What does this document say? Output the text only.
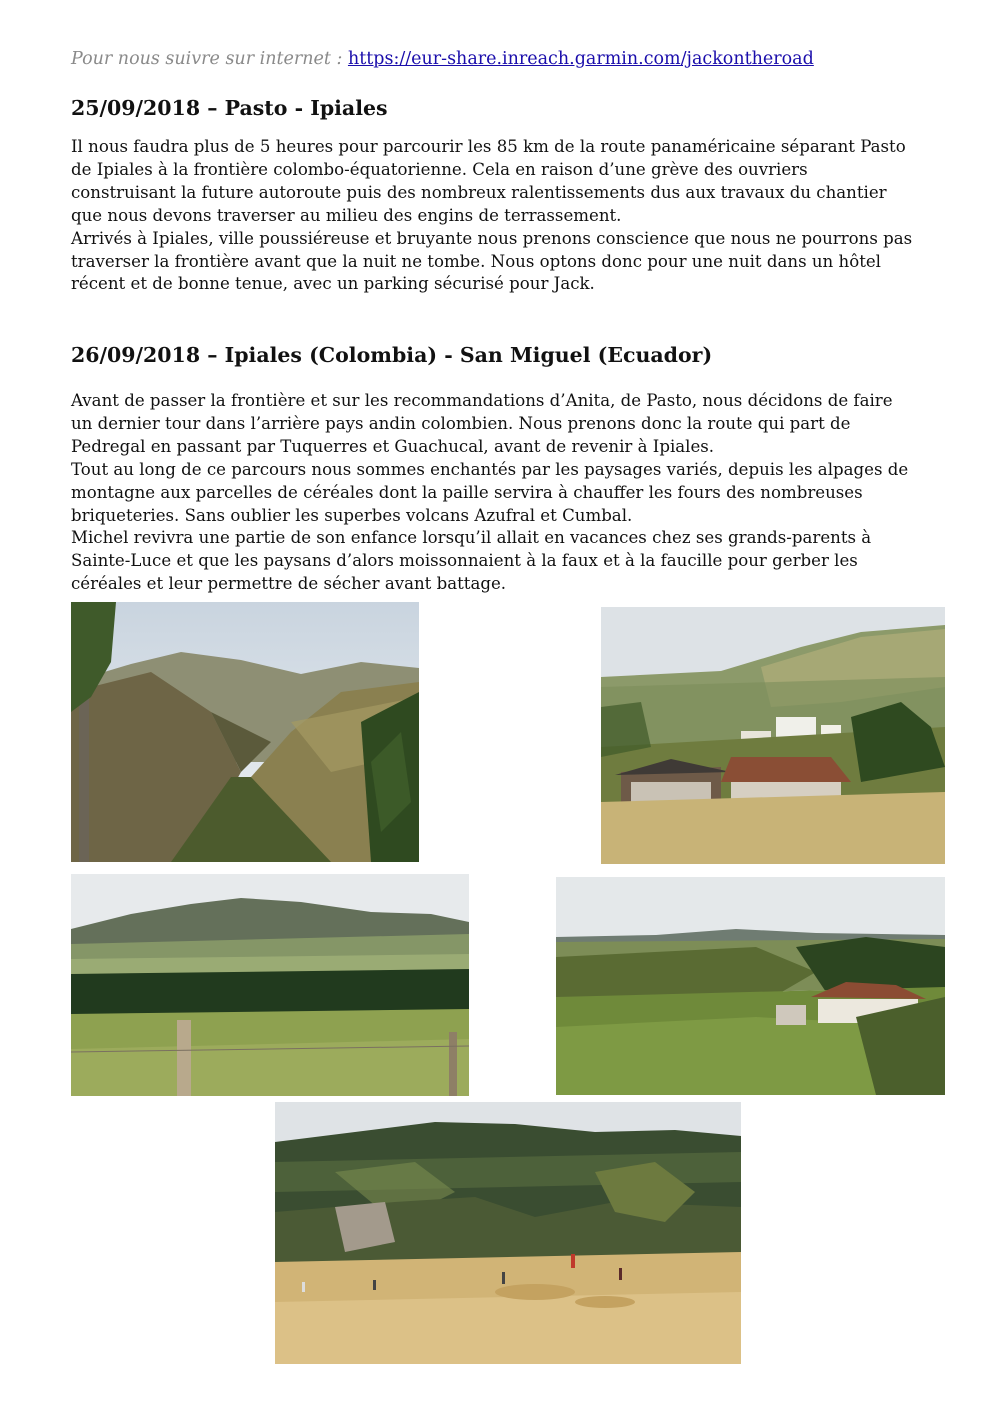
Pour nous suivre sur internet : https://eur-share.inreach.garmin.com/jackontheroad
25/09/2018 – Pasto - Ipiales

Il nous faudra plus de 5 heures pour parcourir les 85 km de la route panaméricaine séparant Pasto

de Ipiales à la frontière colombo-équatorienne. Cela en raison d’une grève des ouvriers

construisant la future autoroute puis des nombreux ralentissements dus aux travaux du chantier

que nous devons traverser au milieu des engins de terrassement.

Arrivés à Ipiales, ville poussiéreuse et bruyante nous prenons conscience que nous ne pourrons pas

traverser la frontière avant que la nuit ne tombe. Nous optons donc pour une nuit dans un hôtel

récent et de bonne tenue, avec un parking sécurisé pour Jack.

26/09/2018 – Ipiales (Colombia) - San Miguel (Ecuador)

Avant de passer la frontière et sur les recommandations d’Anita, de Pasto, nous décidons de faire

un dernier tour dans l’arrière pays andin colombien. Nous prenons donc la route qui part de

Pedregal en passant par Tuquerres et Guachucal, avant de revenir à Ipiales.

Tout au long de ce parcours nous sommes enchantés par les paysages variés, depuis les alpages de

montagne aux parcelles de céréales dont la paille servira à chauffer les fours des nombreuses

briqueteries. Sans oublier les superbes volcans Azufral et Cumbal.

Michel revivra une partie de son enfance lorsqu’il allait en vacances chez ses grands-parents à

Sainte-Luce et que les paysans d’alors moissonnaient à la faux et à la faucille pour gerber les

céréales et leur permettre de sécher avant battage.
